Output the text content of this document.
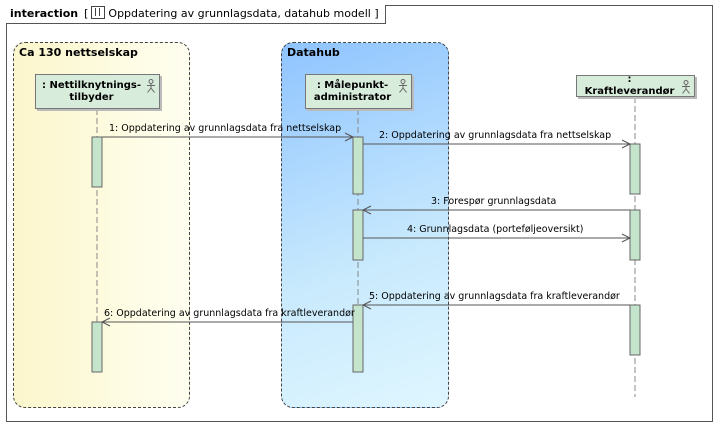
interaction [ Oppdatering av grunnlagsdata, datahub modell ]
Ca 130 nettselskap	Datahub
: Nettilknytnings-
tilbyder
: Målepunkt-
administrator
: Kraftleverandør
1: Oppdatering av grunnlagsdata fra nettselskap
2: Oppdatering av grunnlagsdata fra nettselskap
3: Forespør grunnlagsdata
4: Grunnlagsdata (porteføljeoversikt)
5: Oppdatering av grunnlagsdata fra kraftleverandør
6: Oppdatering av grunnlagsdata fra kraftleverandør
